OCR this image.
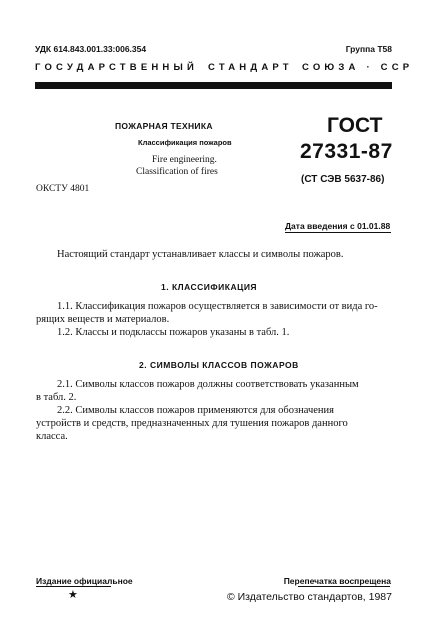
УДК 614.843.001.33:006.354	Группа Т58
ГОСУДАРСТВЕННЫЙ СТАНДАРТ СОЮЗА · ССР
ПОЖАРНАЯ ТЕХНИКА
Классификация пожаров
Fire engineering.
Classification of fires
ГОСТ
27331-87
(СТ СЭВ 5637-86)
ОКСТУ 4801
Дата введения с 01.01.88
Настоящий стандарт устанавливает классы и символы пожаров.
1. КЛАССИФИКАЦИЯ
1.1. Классификация пожаров осуществляется в зависимости от вида го-
рящих веществ и материалов.
1.2. Классы и подклассы пожаров указаны в табл. 1.
2. СИМВОЛЫ КЛАССОВ ПОЖАРОВ
2.1. Символы классов пожаров должны соответствовать указанным
в табл. 2.
2.2. Символы классов пожаров применяются для обозначения
устройств и средств, предназначенных для тушения пожаров данного
класса.
Издание официальное
★
Перепечатка воспрещена
© Издательство стандартов, 1987
